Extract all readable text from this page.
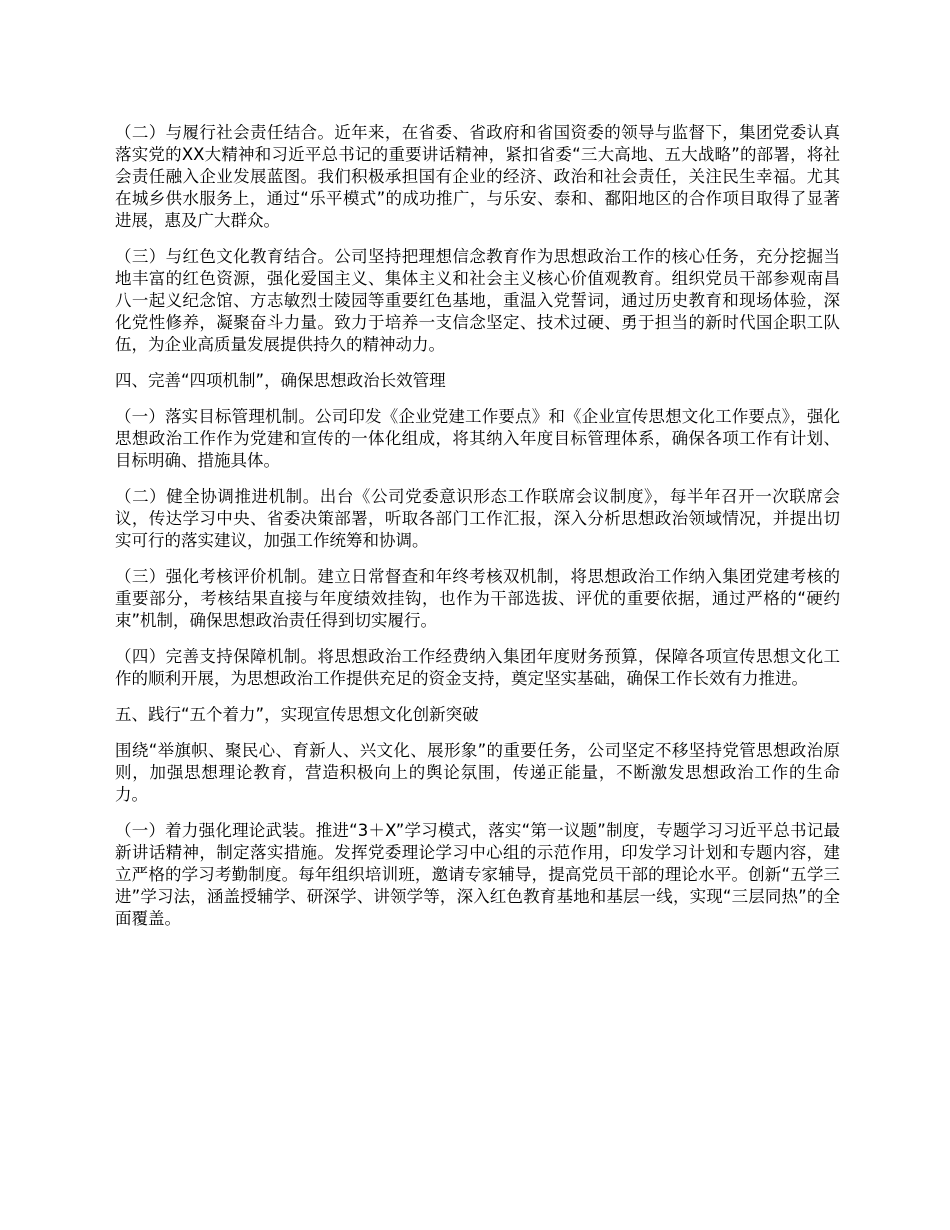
（二）与履行社会责任结合。近年来，在省委、省政府和省国资委的领导与监督下，集团党委认真落实党的XX大精神和习近平总书记的重要讲话精神，紧扣省委“三大高地、五大战略”的部署，将社会责任融入企业发展蓝图。我们积极承担国有企业的经济、政治和社会责任，关注民生幸福。尤其在城乡供水服务上，通过“乐平模式”的成功推广，与乐安、泰和、鄱阳地区的合作项目取得了显著进展，惠及广大群众。

（三）与红色文化教育结合。公司坚持把理想信念教育作为思想政治工作的核心任务，充分挖掘当地丰富的红色资源，强化爱国主义、集体主义和社会主义核心价值观教育。组织党员干部参观南昌八一起义纪念馆、方志敏烈士陵园等重要红色基地，重温入党誓词，通过历史教育和现场体验，深化党性修养，凝聚奋斗力量。致力于培养一支信念坚定、技术过硬、勇于担当的新时代国企职工队伍，为企业高质量发展提供持久的精神动力。

四、完善“四项机制”，确保思想政治长效管理

（一）落实目标管理机制。公司印发《企业党建工作要点》和《企业宣传思想文化工作要点》，强化思想政治工作作为党建和宣传的一体化组成，将其纳入年度目标管理体系，确保各项工作有计划、目标明确、措施具体。

（二）健全协调推进机制。出台《公司党委意识形态工作联席会议制度》，每半年召开一次联席会议，传达学习中央、省委决策部署，听取各部门工作汇报，深入分析思想政治领域情况，并提出切实可行的落实建议，加强工作统筹和协调。

（三）强化考核评价机制。建立日常督查和年终考核双机制，将思想政治工作纳入集团党建考核的重要部分，考核结果直接与年度绩效挂钩，也作为干部选拔、评优的重要依据，通过严格的“硬约束”机制，确保思想政治责任得到切实履行。

（四）完善支持保障机制。将思想政治工作经费纳入集团年度财务预算，保障各项宣传思想文化工作的顺利开展，为思想政治工作提供充足的资金支持，奠定坚实基础，确保工作长效有力推进。

五、践行“五个着力”，实现宣传思想文化创新突破

围绕“举旗帜、聚民心、育新人、兴文化、展形象”的重要任务，公司坚定不移坚持党管思想政治原则，加强思想理论教育，营造积极向上的舆论氛围，传递正能量，不断激发思想政治工作的生命力。

（一）着力强化理论武装。推进“3＋X”学习模式，落实“第一议题”制度，专题学习习近平总书记最新讲话精神，制定落实措施。发挥党委理论学习中心组的示范作用，印发学习计划和专题内容，建立严格的学习考勤制度。每年组织培训班，邀请专家辅导，提高党员干部的理论水平。创新“五学三进”学习法，涵盖授辅学、研深学、讲领学等，深入红色教育基地和基层一线，实现“三层同热”的全面覆盖。
